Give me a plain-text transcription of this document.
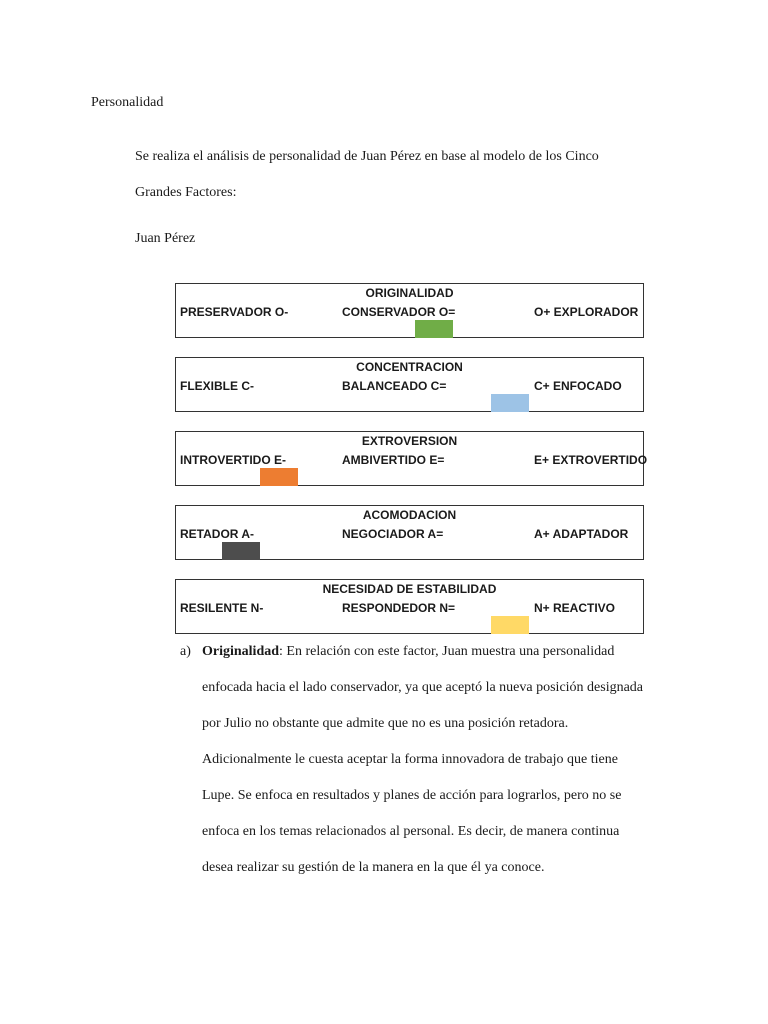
Personalidad
Se realiza el análisis de personalidad de Juan Pérez en base al modelo de los Cinco
Grandes Factores:
Juan Pérez
ORIGINALIDAD
PRESERVADOR O-	CONSERVADOR O=	O+ EXPLORADOR
CONCENTRACION
FLEXIBLE C-	BALANCEADO C=	C+ ENFOCADO
EXTROVERSION
INTROVERTIDO E-	AMBIVERTIDO E=	E+ EXTROVERTIDO
ACOMODACION
RETADOR A-	NEGOCIADOR A=	A+ ADAPTADOR
NECESIDAD DE ESTABILIDAD
RESILENTE N-	RESPONDEDOR N=	N+ REACTIVO
a) Originalidad: En relación con este factor, Juan muestra una personalidad
enfocada hacia el lado conservador, ya que aceptó la nueva posición designada
por Julio no obstante que admite que no es una posición retadora.
Adicionalmente le cuesta aceptar la forma innovadora de trabajo que tiene
Lupe. Se enfoca en resultados y planes de acción para lograrlos, pero no se
enfoca en los temas relacionados al personal. Es decir, de manera continua
desea realizar su gestión de la manera en la que él ya conoce.
